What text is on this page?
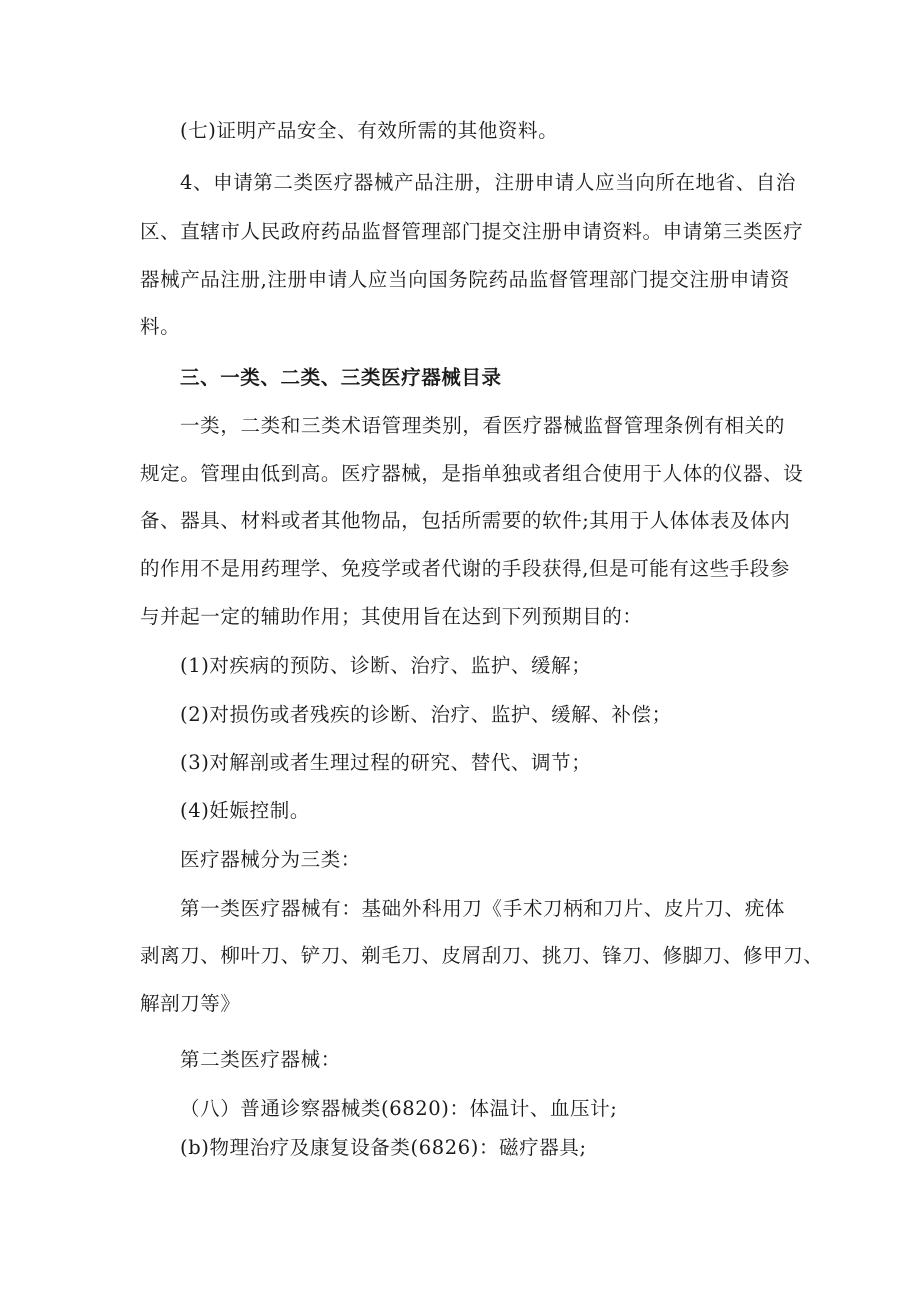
(七)证明产品安全、有效所需的其他资料。
4、申请第二类医疗器械产品注册，注册申请人应当向所在地省、自治
区、直辖市人民政府药品监督管理部门提交注册申请资料。申请第三类医疗
器械产品注册,注册申请人应当向国务院药品监督管理部门提交注册申请资
料。
三、一类、二类、三类医疗器械目录
一类，二类和三类术语管理类别，看医疗器械监督管理条例有相关的
规定。管理由低到高。医疗器械，是指单独或者组合使用于人体的仪器、设
备、器具、材料或者其他物品，包括所需要的软件;其用于人体体表及体内
的作用不是用药理学、免疫学或者代谢的手段获得,但是可能有这些手段参
与并起一定的辅助作用；其使用旨在达到下列预期目的：
(1)对疾病的预防、诊断、治疗、监护、缓解；
(2)对损伤或者残疾的诊断、治疗、监护、缓解、补偿；
(3)对解剖或者生理过程的研究、替代、调节；
(4)妊娠控制。
医疗器械分为三类：
第一类医疗器械有：基础外科用刀《手术刀柄和刀片、皮片刀、疣体
剥离刀、柳叶刀、铲刀、剃毛刀、皮屑刮刀、挑刀、锋刀、修脚刀、修甲刀、
解剖刀等》
第二类医疗器械：
（八）普通诊察器械类(6820)：体温计、血压计;
(b)物理治疗及康复设备类(6826)：磁疗器具;
